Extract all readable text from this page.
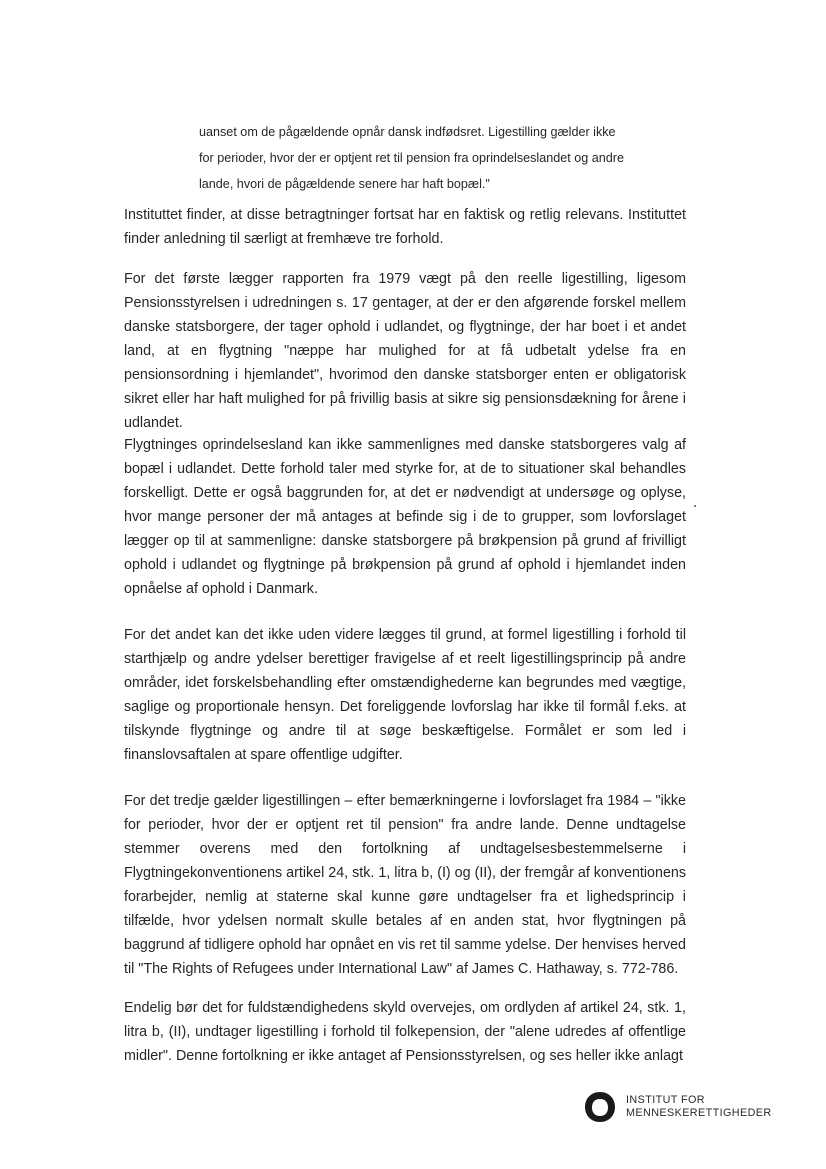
uanset om de pågældende opnår dansk indfødsret. Ligestilling gælder ikke for perioder, hvor der er optjent ret til pension fra oprindelseslandet og andre lande, hvori de pågældende senere har haft bopæl."

Instituttet finder, at disse betragtninger fortsat har en faktisk og retlig relevans. Instituttet finder anledning til særligt at fremhæve tre forhold.

For det første lægger rapporten fra 1979 vægt på den reelle ligestilling, ligesom Pensionsstyrelsen i udredningen s. 17 gentager, at der er den afgørende forskel mellem danske statsborgere, der tager ophold i udlandet, og flygtninge, der har boet i et andet land, at en flygtning "næppe har mulighed for at få udbetalt ydelse fra en pensionsordning i hjemlandet", hvorimod den danske statsborger enten er obligatorisk sikret eller har haft mulighed for på frivillig basis at sikre sig pensionsdækning for årene i udlandet.

Flygtninges oprindelsesland kan ikke sammenlignes med danske statsborgeres valg af bopæl i udlandet. Dette forhold taler med styrke for, at de to situationer skal behandles forskelligt. Dette er også baggrunden for, at det er nødvendigt at undersøge og oplyse, hvor mange personer der må antages at befinde sig i de to grupper, som lovforslaget lægger op til at sammenligne: danske statsborgere på brøkpension på grund af frivilligt ophold i udlandet og flygtninge på brøkpension på grund af ophold i hjemlandet inden opnåelse af ophold i Danmark.

For det andet kan det ikke uden videre lægges til grund, at formel ligestilling i forhold til starthjælp og andre ydelser berettiger fravigelse af et reelt ligestillingsprincip på andre områder, idet forskelsbehandling efter omstændighederne kan begrundes med vægtige, saglige og proportionale hensyn. Det foreliggende lovforslag har ikke til formål f.eks. at tilskynde flygtninge og andre til at søge beskæftigelse. Formålet er som led i finanslovsaftalen at spare offentlige udgifter.

For det tredje gælder ligestillingen – efter bemærkningerne i lovforslaget fra 1984 – "ikke for perioder, hvor der er optjent ret til pension" fra andre lande. Denne undtagelse stemmer overens med den fortolkning af undtagelsesbestemmelserne i Flygtningekonventionens artikel 24, stk. 1, litra b, (I) og (II), der fremgår af konventionens forarbejder, nemlig at staterne skal kunne gøre undtagelser fra et lighedsprincip i tilfælde, hvor ydelsen normalt skulle betales af en anden stat, hvor flygtningen på baggrund af tidligere ophold har opnået en vis ret til samme ydelse. Der henvises herved til "The Rights of Refugees under International Law" af James C. Hathaway, s. 772-786.

Endelig bør det for fuldstændighedens skyld overvejes, om ordlyden af artikel 24, stk. 1, litra b, (II), undtager ligestilling i forhold til folkepension, der "alene udredes af offentlige midler". Denne fortolkning er ikke antaget af Pensionsstyrelsen, og ses heller ikke anlagt

INSTITUT FOR
MENNESKERETTIGHEDER
